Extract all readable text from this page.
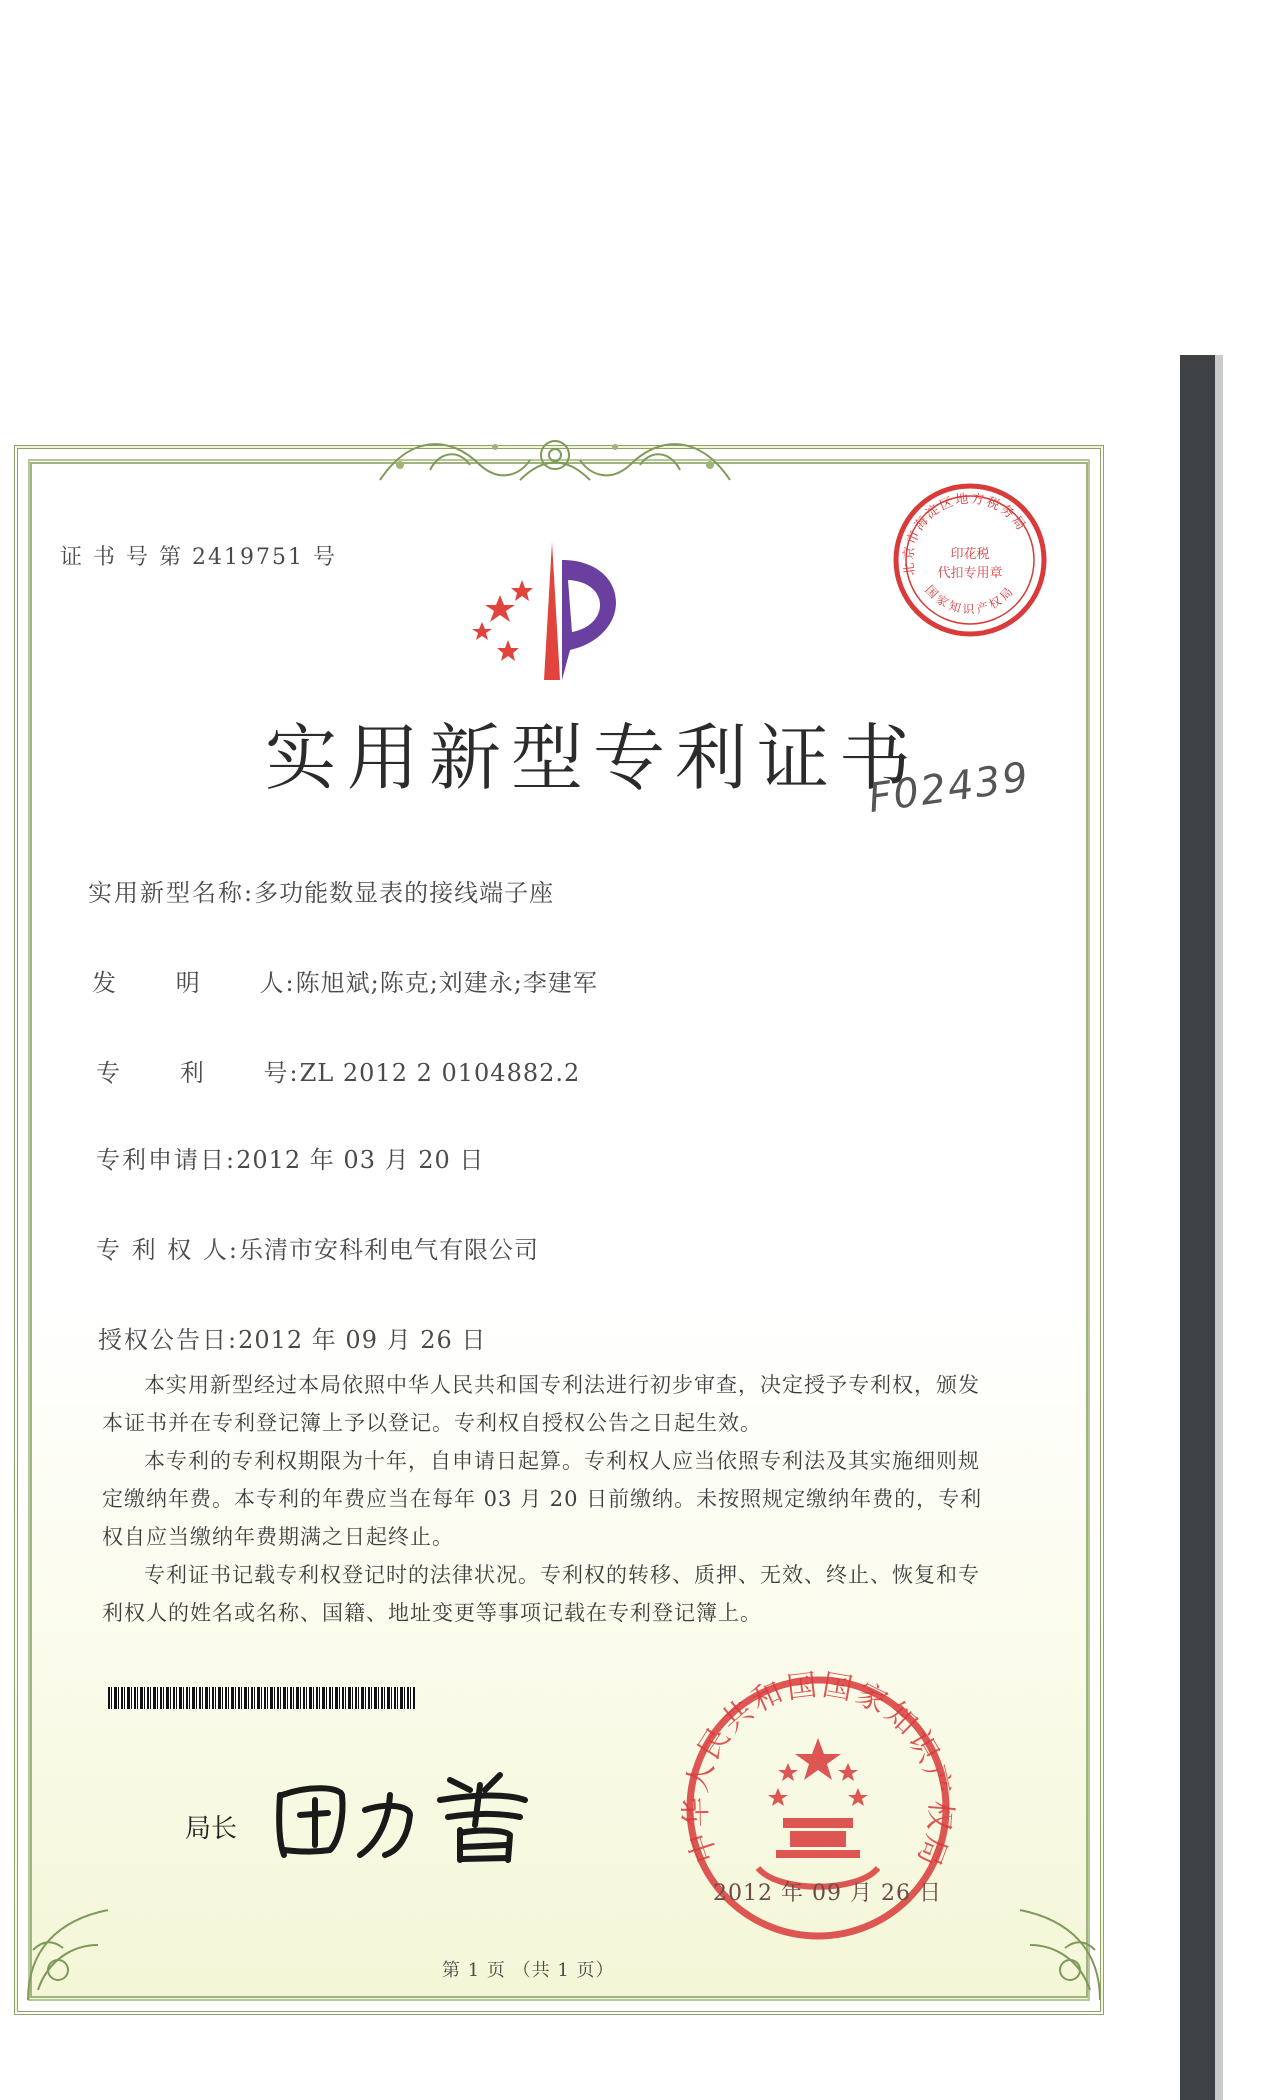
证 书 号 第 2419751 号	北京市海淀区地方税务局
国家知识产权局
印花税
代扣专用章
实用新型专利证书
F02439
实用新型名称:多功能数显表的接线端子座
发      明      人:陈旭斌;陈克;刘建永;李建军
专      利      号:ZL 2012 2 0104882.2
专利申请日:2012 年 03 月 20 日
专 利 权 人:乐清市安科利电气有限公司
授权公告日:2012 年 09 月 26 日
本实用新型经过本局依照中华人民共和国专利法进行初步审查，决定授予专利权，颁发本证书并在专利登记簿上予以登记。专利权自授权公告之日起生效。
本专利的专利权期限为十年，自申请日起算。专利权人应当依照专利法及其实施细则规定缴纳年费。本专利的年费应当在每年 03 月 20 日前缴纳。未按照规定缴纳年费的，专利权自应当缴纳年费期满之日起终止。
专利证书记载专利权登记时的法律状况。专利权的转移、质押、无效、终止、恢复和专利权人的姓名或名称、国籍、地址变更等事项记载在专利登记簿上。
局长	中华人民共和国国家知识产权局
2012 年 09 月 26 日
第 1 页 （共 1 页）
